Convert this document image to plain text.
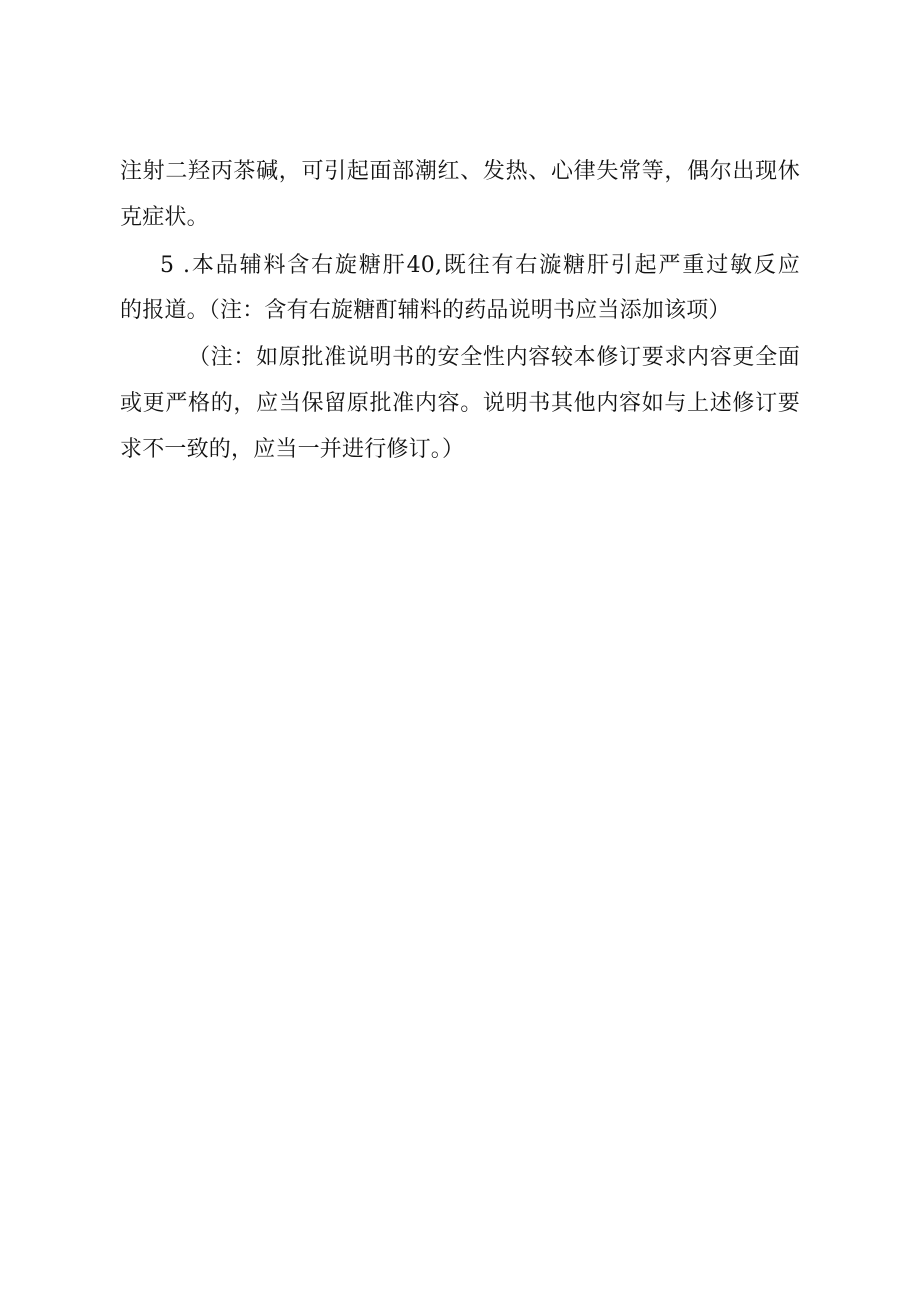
注射二羟丙茶碱，可引起面部潮红、发热、心律失常等，偶尔出现休

克症状。

5 .本品辅料含右旋糖肝40,既往有右漩糖肝引起严重过敏反应

的报道。（注：含有右旋糖酊辅料的药品说明书应当添加该项）

（注：如原批准说明书的安全性内容较本修订要求内容更全面

或更严格的，应当保留原批准内容。说明书其他内容如与上述修订要

求不一致的，应当一并进行修订。）
